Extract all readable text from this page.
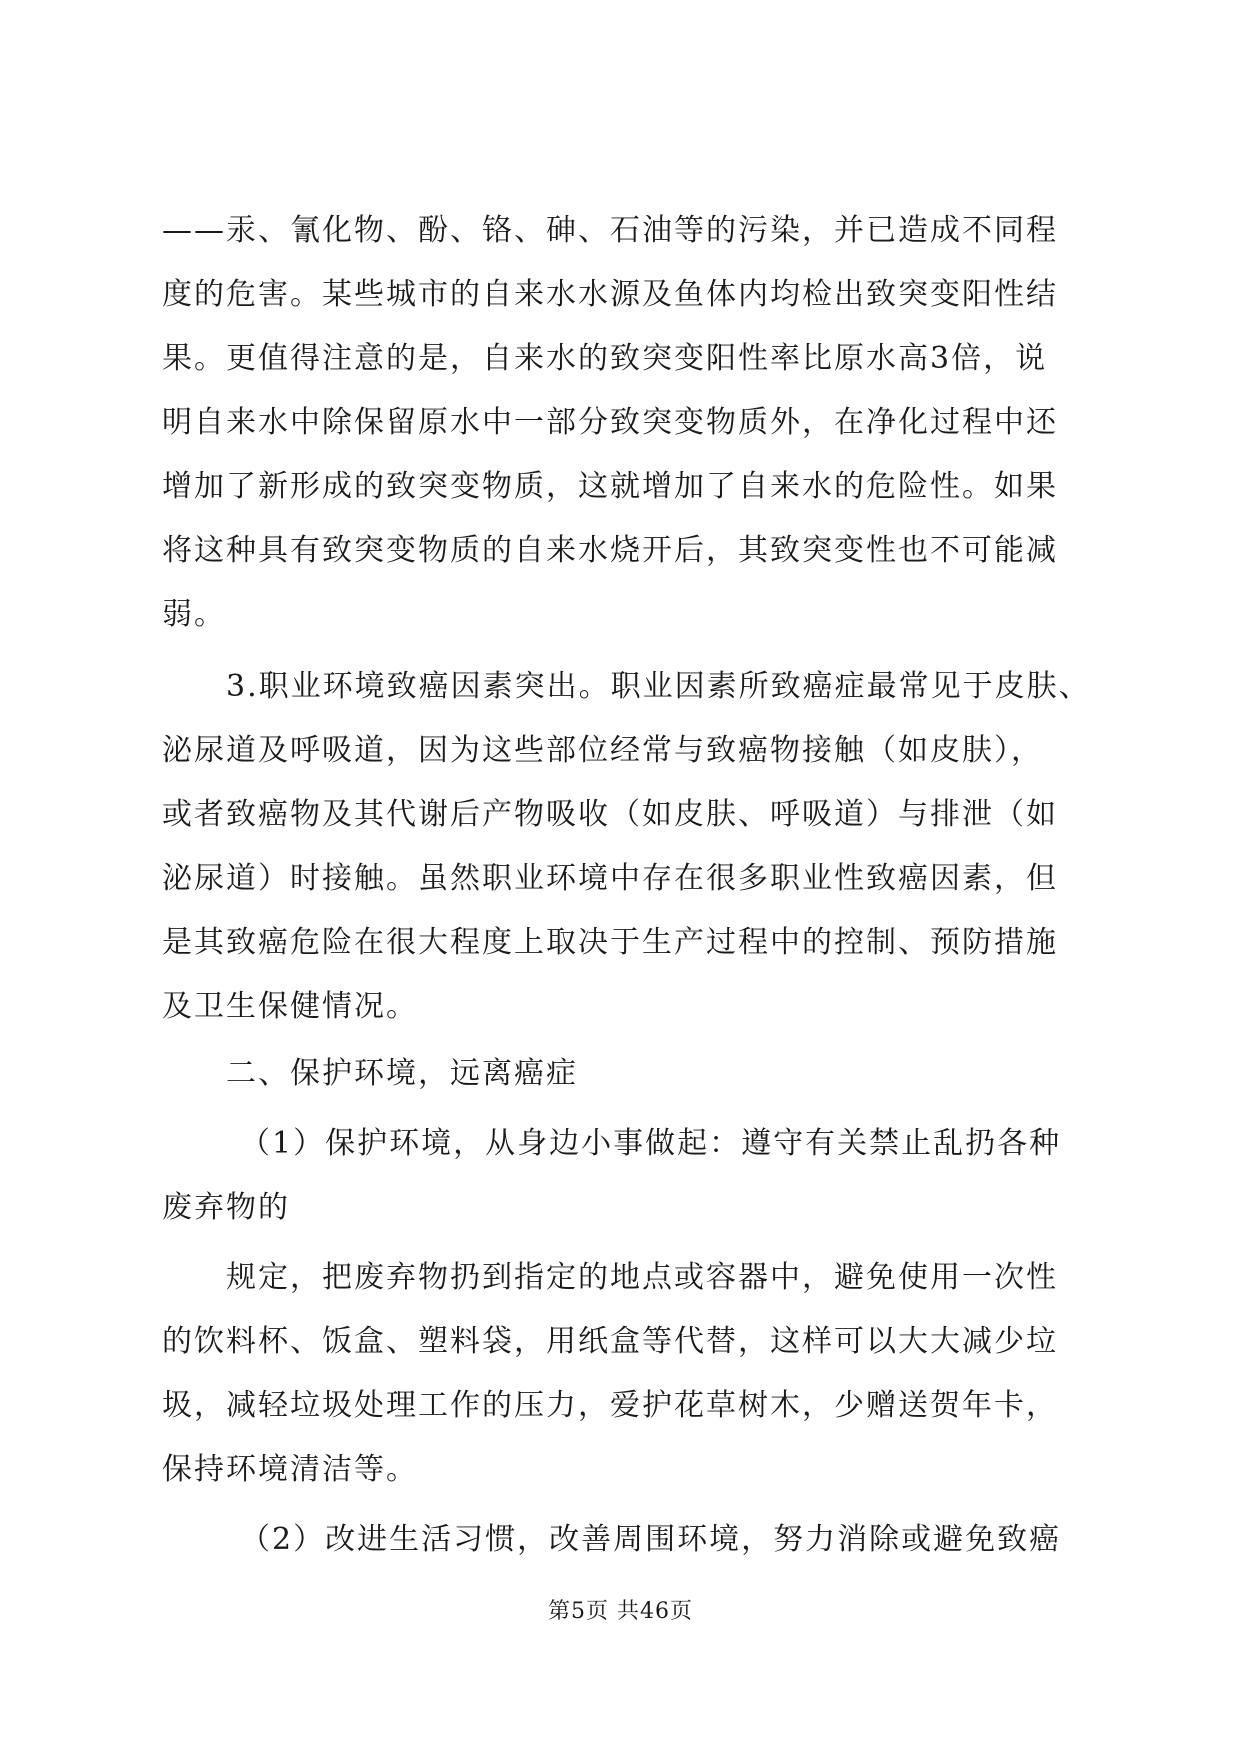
——汞、氰化物、酚、铬、砷、石油等的污染，并已造成不同程
度的危害。某些城市的自来水水源及鱼体内均检出致突变阳性结
果。更值得注意的是，自来水的致突变阳性率比原水高3倍，说
明自来水中除保留原水中一部分致突变物质外，在净化过程中还
增加了新形成的致突变物质，这就增加了自来水的危险性。如果
将这种具有致突变物质的自来水烧开后，其致突变性也不可能减
弱。
3.职业环境致癌因素突出。职业因素所致癌症最常见于皮肤、
泌尿道及呼吸道，因为这些部位经常与致癌物接触（如皮肤），
或者致癌物及其代谢后产物吸收（如皮肤、呼吸道）与排泄（如
泌尿道）时接触。虽然职业环境中存在很多职业性致癌因素，但
是其致癌危险在很大程度上取决于生产过程中的控制、预防措施
及卫生保健情况。
二、保护环境，远离癌症
（1）保护环境，从身边小事做起：遵守有关禁止乱扔各种
废弃物的
规定，把废弃物扔到指定的地点或容器中，避免使用一次性
的饮料杯、饭盒、塑料袋，用纸盒等代替，这样可以大大减少垃
圾，减轻垃圾处理工作的压力，爱护花草树木，少赠送贺年卡，
保持环境清洁等。
（2）改进生活习惯，改善周围环境，努力消除或避免致癌
第5页 共46页
